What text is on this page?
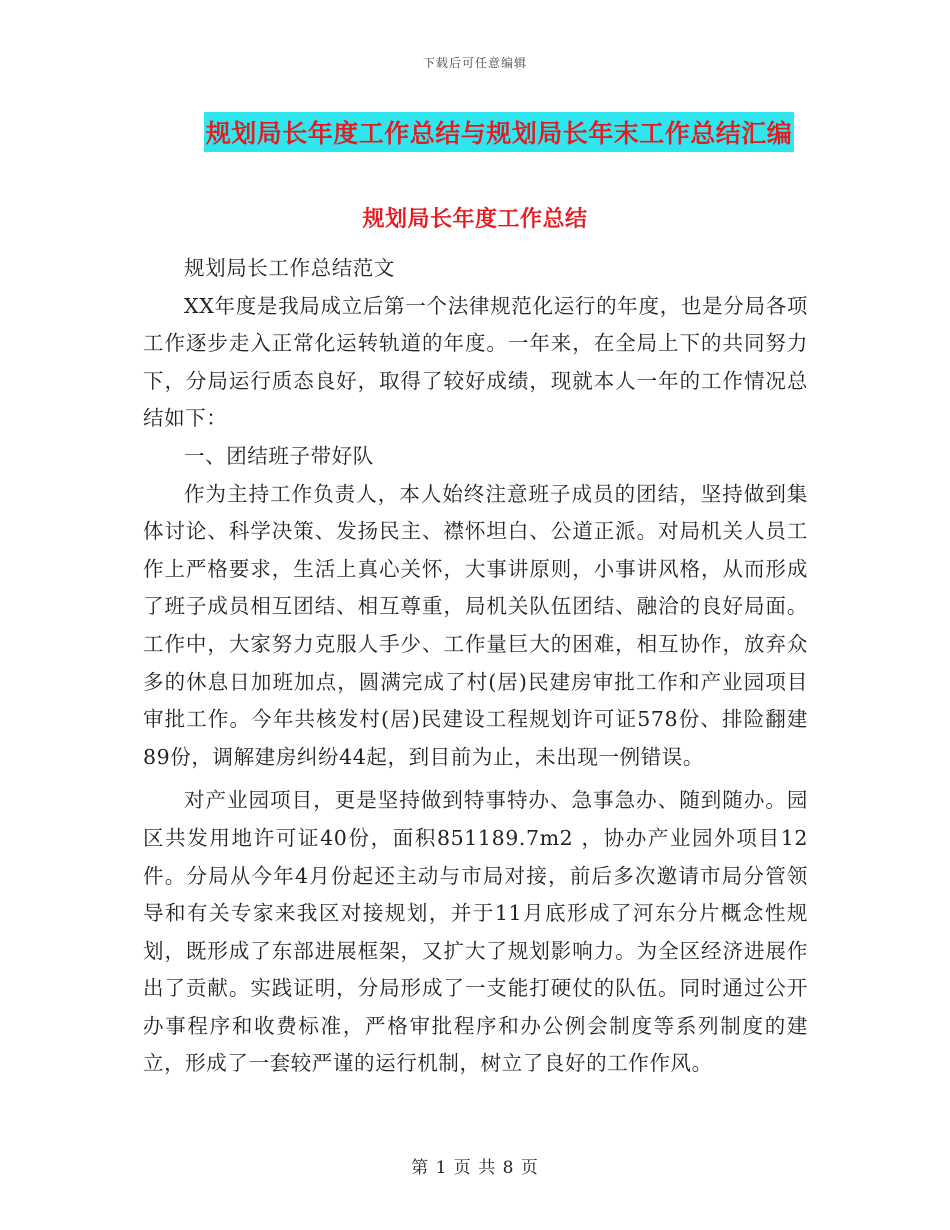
下载后可任意编辑
规划局长年度工作总结与规划局长年末工作总结汇编
规划局长年度工作总结

规划局长工作总结范文

XX年度是我局成立后第一个法律规范化运行的年度，也是分局各项工作逐步走入正常化运转轨道的年度。一年来，在全局上下的共同努力下，分局运行质态良好，取得了较好成绩，现就本人一年的工作情况总结如下：

一、团结班子带好队

作为主持工作负责人，本人始终注意班子成员的团结，坚持做到集体讨论、科学决策、发扬民主、襟怀坦白、公道正派。对局机关人员工作上严格要求，生活上真心关怀，大事讲原则，小事讲风格，从而形成了班子成员相互团结、相互尊重，局机关队伍团结、融洽的良好局面。工作中，大家努力克服人手少、工作量巨大的困难，相互协作，放弃众多的休息日加班加点，圆满完成了村(居)民建房审批工作和产业园项目审批工作。今年共核发村(居)民建设工程规划许可证578份、排险翻建89份，调解建房纠纷44起，到目前为止，未出现一例错误。

对产业园项目，更是坚持做到特事特办、急事急办、随到随办。园区共发用地许可证40份，面积851189.7m2 ，协办产业园外项目12件。分局从今年4月份起还主动与市局对接，前后多次邀请市局分管领导和有关专家来我区对接规划，并于11月底形成了河东分片概念性规划，既形成了东部进展框架，又扩大了规划影响力。为全区经济进展作出了贡献。实践证明，分局形成了一支能打硬仗的队伍。同时通过公开办事程序和收费标准，严格审批程序和办公例会制度等系列制度的建立，形成了一套较严谨的运行机制，树立了良好的工作作风。

第 1 页 共 8 页
